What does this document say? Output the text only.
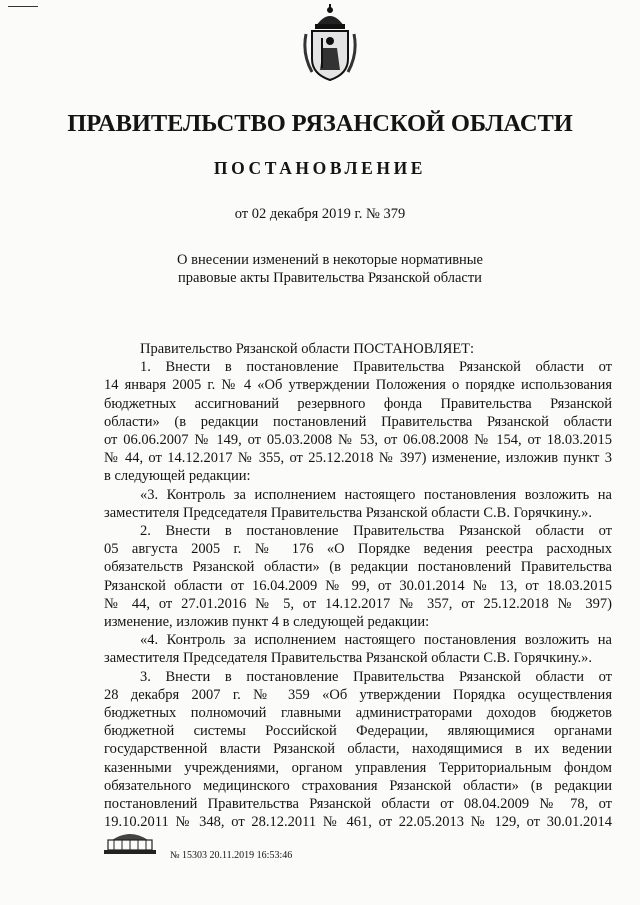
ПРАВИТЕЛЬСТВО РЯЗАНСКОЙ ОБЛАСТИ
ПОСТАНОВЛЕНИЕ
от 02 декабря 2019 г. № 379
О внесении изменений в некоторые нормативные
правовые акты Правительства Рязанской области
Правительство Рязанской области ПОСТАНОВЛЯЕТ:
1. Внести в постановление Правительства Рязанской области от
14 января 2005 г. № 4 «Об утверждении Положения о порядке использования
бюджетных ассигнований резервного фонда Правительства Рязанской
области» (в редакции постановлений Правительства Рязанской области
от 06.06.2007 № 149, от 05.03.2008 № 53, от 06.08.2008 № 154, от 18.03.2015
№ 44, от 14.12.2017 № 355, от 25.12.2018 № 397) изменение, изложив пункт 3
в следующей редакции:
«3. Контроль за исполнением настоящего постановления возложить на
заместителя Председателя Правительства Рязанской области С.В. Горячкину.».
2. Внести в постановление Правительства Рязанской области от
05 августа 2005 г. № 176 «О Порядке ведения реестра расходных
обязательств Рязанской области» (в редакции постановлений Правительства
Рязанской области от 16.04.2009 № 99, от 30.01.2014 № 13, от 18.03.2015
№ 44, от 27.01.2016 № 5, от 14.12.2017 № 357, от 25.12.2018 № 397)
изменение, изложив пункт 4 в следующей редакции:
«4. Контроль за исполнением настоящего постановления возложить на
заместителя Председателя Правительства Рязанской области С.В. Горячкину.».
3. Внести в постановление Правительства Рязанской области от
28 декабря 2007 г. № 359 «Об утверждении Порядка осуществления
бюджетных полномочий главными администраторами доходов бюджетов
бюджетной системы Российской Федерации, являющимися органами
государственной власти Рязанской области, находящимися в их ведении
казенными учреждениями, органом управления Территориальным фондом
обязательного медицинского страхования Рязанской области» (в редакции
постановлений Правительства Рязанской области от 08.04.2009 № 78, от
19.10.2011 № 348, от 28.12.2011 № 461, от 22.05.2013 № 129, от 30.01.2014
№ 15303 20.11.2019 16:53:46
